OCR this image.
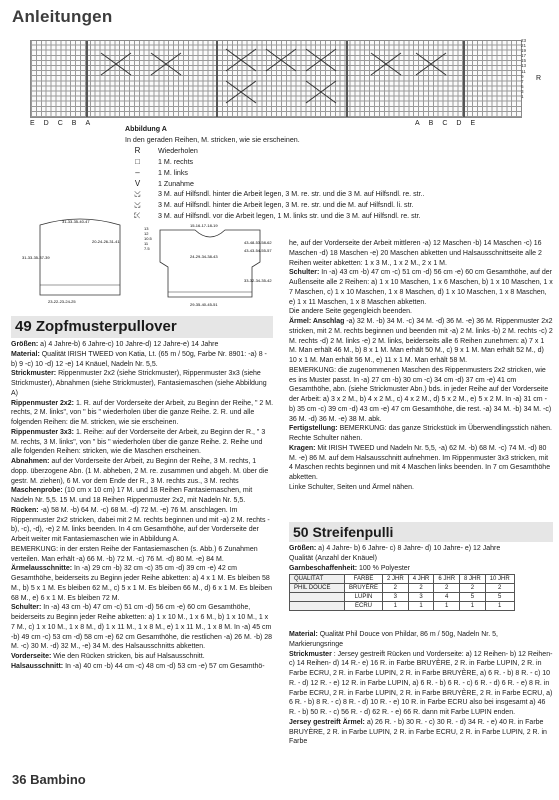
Anleitungen
23
21
19
17
15
13
11
9
7
5
3
1
R
EDCBA	ABCDE
Abbildung A
In den geraden Reihen, M. stricken, wie sie erscheinen.
R	Wiederholen
□	1 M. rechts
–	1 M. links
V	1 Zunahme
⤩	3 M. auf Hilfsndl. hinter die Arbeit legen, 3 M. re. str. und die 3 M. auf Hilfsndl. re. str..
⤩	3 M. auf Hilfsndl. hinter die Arbeit legen, 3 M. re. str. und die M. auf Hilfsndl. li. str.
⤪	3 M. auf Hilfsndl. vor die Arbeit legen, 1 M. links str. und die 3 M. auf Hilfsndl. re. str.
31-33-35-40-47
31-33-35-37-39
20-24-26-31-41
23-22-23-24-25
13
12
10.5
11
7.5
15-16-17-18-19
43-48-53-58-62
43-43-54-55-57
24-29-34-38-43
33-32-34-35-42
29-35-40-45-51
49 Zopfmusterpullover
Größen: a) 4 Jahre-b) 6 Jahre-c) 10 Jahre-d) 12 Jahre-e) 14 Jahre
Material: Qualität IRISH TWEED von Katia, Lt. (65 m / 50g, Farbe Nr. 8901: -a) 8 -b) 9 -c) 10 -d) 12 -e) 14 Knäuel, Nadeln Nr. 5,5.
Strickmuster: Rippenmuster 2x2 (siehe Strickmuster), Rippenmuster 3x3 (siehe Strickmuster), Abnahmen (siehe Strickmuster), Fantasiemaschen (siehe Abbildung A)
Rippenmuster 2x2: 1. R. auf der Vorderseite der Arbeit, zu Beginn der Reihe, " 2 M. rechts, 2 M. links", von " bis " wiederholen über die ganze Reihe. 2. R. und alle folgenden Reihen: die M. stricken, wie sie erscheinen.
Rippenmuster 3x3: 1. Reihe: auf der Vorderseite der Arbeit, zu Beginn der R., " 3 M. rechts, 3 M. links", von " bis " wiederholen über die ganze Reihe. 2. Reihe und alle folgenden Reihen: stricken, wie die Maschen erscheinen.
Abnahmen: auf der Vorderseite der Arbeit, zu Beginn der Reihe, 3 M. rechts, 1 dopp. überzogene Abn. (1 M. abheben, 2 M. re. zusammen und abgeh. M. über die gestr. M. ziehen), 6 M. vor dem Ende der R., 3 M. rechts zus., 3 M. rechts
Maschenprobe: (10 cm x 10 cm) 17 M. und 18 Reihen Fantasiemaschen, mit Nadeln Nr. 5,5. 15 M. und 18 Reihen Rippenmuster 2x2, mit Nadeln Nr. 5,5.
Rücken: -a) 58 M. -b) 64 M. -c) 68 M. -d) 72 M. -e) 76 M. anschlagen. Im Rippenmuster 2x2 stricken, dabei mit 2 M. rechts beginnen und mit -a) 2 M. rechts -b), -c), -d), -e) 2 M. links beenden. In 4 cm Gesamthöhe, auf der Vorderseite der Arbeit weiter mit Fantasiemaschen wie in Abbildung A.
BEMERKUNG: in der ersten Reihe der Fantasiemaschen (s. Abb.) 6 Zunahmen verteilen. Man erhält -a) 66 M. -b) 72 M. -c) 76 M. -d) 80 M. -e) 84 M.
Ärmelausschnitte: In -a) 29 cm -b) 32 cm -c) 35 cm -d) 39 cm -e) 42 cm Gesamthöhe, beiderseits zu Beginn jeder Reihe abketten: a) 4 x 1 M. Es bleiben 58 M., b) 5 x 1 M. Es bleiben 62 M., c) 5 x 1 M. Es bleiben 66 M., d) 6 x 1 M. Es bleiben 68 M., e) 6 x 1 M. Es bleiben 72 M.
Schulter: In -a) 43 cm -b) 47 cm -c) 51 cm -d) 56 cm -e) 60 cm Gesamthöhe, beiderseits zu Beginn jeder Reihe abketten: a) 1 x 10 M., 1 x 6 M., b) 1 x 10 M., 1 x 7 M., c) 1 x 10 M., 1 x 8 M., d) 1 x 11 M., 1 x 8 M., e) 1 x 11 M., 1 x 8 M. In -a) 45 cm -b) 49 cm -c) 53 cm -d) 58 cm -e) 62 cm Gesamthöhe, die restlichen -a) 26 M. -b) 28 M. -c) 30 M. -d) 32 M., -e) 34 M. des Halsausschnitts abketten.
Vorderseite: Wie den Rücken stricken, bis auf Halsausschnitt.
Halsausschnitt: In -a) 40 cm -b) 44 cm -c) 48 cm -d) 53 cm -e) 57 cm Gesamthö-
he, auf der Vorderseite der Arbeit mittleren -a) 12 Maschen -b) 14 Maschen -c) 16 Maschen -d) 18 Maschen -e) 20 Maschen abketten und Halsausschnittseite alle 2 Reihen weiter abketten: 1 x 3 M., 1 x 2 M., 2 x 1 M.
Schulter: In -a) 43 cm -b) 47 cm -c) 51 cm -d) 56 cm -e) 60 cm Gesamthöhe, auf der Außenseite alle 2 Reihen: a) 1 x 10 Maschen, 1 x 6 Maschen, b) 1 x 10 Maschen, 1 x 7 Maschen, c) 1 x 10 Maschen, 1 x 8 Maschen, d) 1 x 10 Maschen, 1 x 8 Maschen, e) 1 x 11 Maschen, 1 x 8 Maschen abketten.
Die andere Seite gegengleich beenden.
Ärmel: Anschlag -a) 32 M. -b) 34 M. -c) 34 M. -d) 36 M. -e) 36 M. Rippenmuster 2x2 stricken, mit 2 M. rechts beginnen und beenden mit -a) 2 M. links -b) 2 M. rechts -c) 2 M. rechts -d) 2 M. links -e) 2 M. links, beiderseits alle 6 Reihen zunehmen: a) 7 x 1 M. Man erhält 46 M., b) 8 x 1 M. Man erhält 50 M., c) 9 x 1 M. Man erhält 52 M., d) 10 x 1 M. Man erhält 56 M., e) 11 x 1 M. Man erhält 58 M.
BEMERKUNG: die zugenommenen Maschen des Rippenmusters 2x2 stricken, wie es ins Muster passt. In -a) 27 cm -b) 30 cm -c) 34 cm -d) 37 cm -e) 41 cm Gesamthöhe, abn. (siehe Strickmuster Abn.) bds. in jeder Reihe auf der Vorderseite der Arbeit: a) 3 x 2 M., b) 4 x 2 M., c) 4 x 2 M., d) 5 x 2 M., e) 5 x 2 M. In -a) 31 cm -b) 35 cm -c) 39 cm -d) 43 cm -e) 47 cm Gesamthöhe, die rest. -a) 34 M. -b) 34 M. -c) 36 M. -d) 36 M. -e) 38 M. abk.
Fertigstellung: BEMERKUNG: das ganze Strickstück im Überwendlingsstich nähen. Rechte Schulter nähen.
Kragen: Mit IRISH TWEED und Nadeln Nr. 5,5, -a) 62 M. -b) 68 M. -c) 74 M. -d) 80 M. -e) 86 M. auf dem Halsausschnitt aufnehmen. Im Rippenmuster 3x3 stricken, mit 4 Maschen rechts beginnen und mit 4 Maschen links beenden. In 7 cm Gesamthöhe abketten.
Linke Schulter, Seiten und Ärmel nähen.
50 Streifenpulli
Größen: a) 4 Jahre- b) 6 Jahre- c) 8 Jahre- d) 10 Jahre- e) 12 Jahre
Qualität (Anzahl der Knäuel)
Garnbeschaffenheit: 100 % Polyester
QUALITÄT	FARBE	2 JHR	4 JHR	6 JHR	8 JHR	10 JHR
PHIL DOUCE	BRUYÈRE	2	2	2	2	2
	LUPIN	3	3	4	5	5
	ECRU	1	1	1	1	1
Material: Qualität Phil Douce von Phildar, 86 m / 50g, Nadeln Nr. 5, Markierungsringe
Strickmuster : Jersey gestreift Rücken und Vorderseite: a) 12 Reihen- b) 12 Reihen- c) 14 Reihen- d) 14 R.- e) 16 R. in Farbe BRUYÈRE, 2 R. in Farbe LUPIN, 2 R. in Farbe ECRU, 2 R. in Farbe LUPIN, 2 R. in Farbe BRUYÈRE, a) 6 R. - b) 8 R. - c) 10 R. - d) 12 R. - e) 12 R. in Farbe LUPIN, a) 6 R. - b) 6 R. - c) 6 R. - d) 6 R. - e) 8 R. in Farbe ECRU, 2 R. in Farbe LUPIN, 2 R. in Farbe BRUYÈRE, 2 R. in Farbe ECRU, a) 6 R. - b) 8 R. - c) 8 R. - d) 10 R. - e) 10 R. in Farbe ECRU also bei insgesamt a) 46 R. - b) 50 R. - c) 56 R. - d) 62 R. - e) 66 R. dann mit Farbe LUPIN enden.
Jersey gestreift Ärmel: a) 26 R. - b) 30 R. - c) 30 R. - d) 34 R. - e) 40 R. in Farbe BRUYÈRE, 2 R. in Farbe LUPIN, 2 R. in Farbe ECRU, 2 R. in Farbe LUPIN, 2 R. in Farbe
36 Bambino
